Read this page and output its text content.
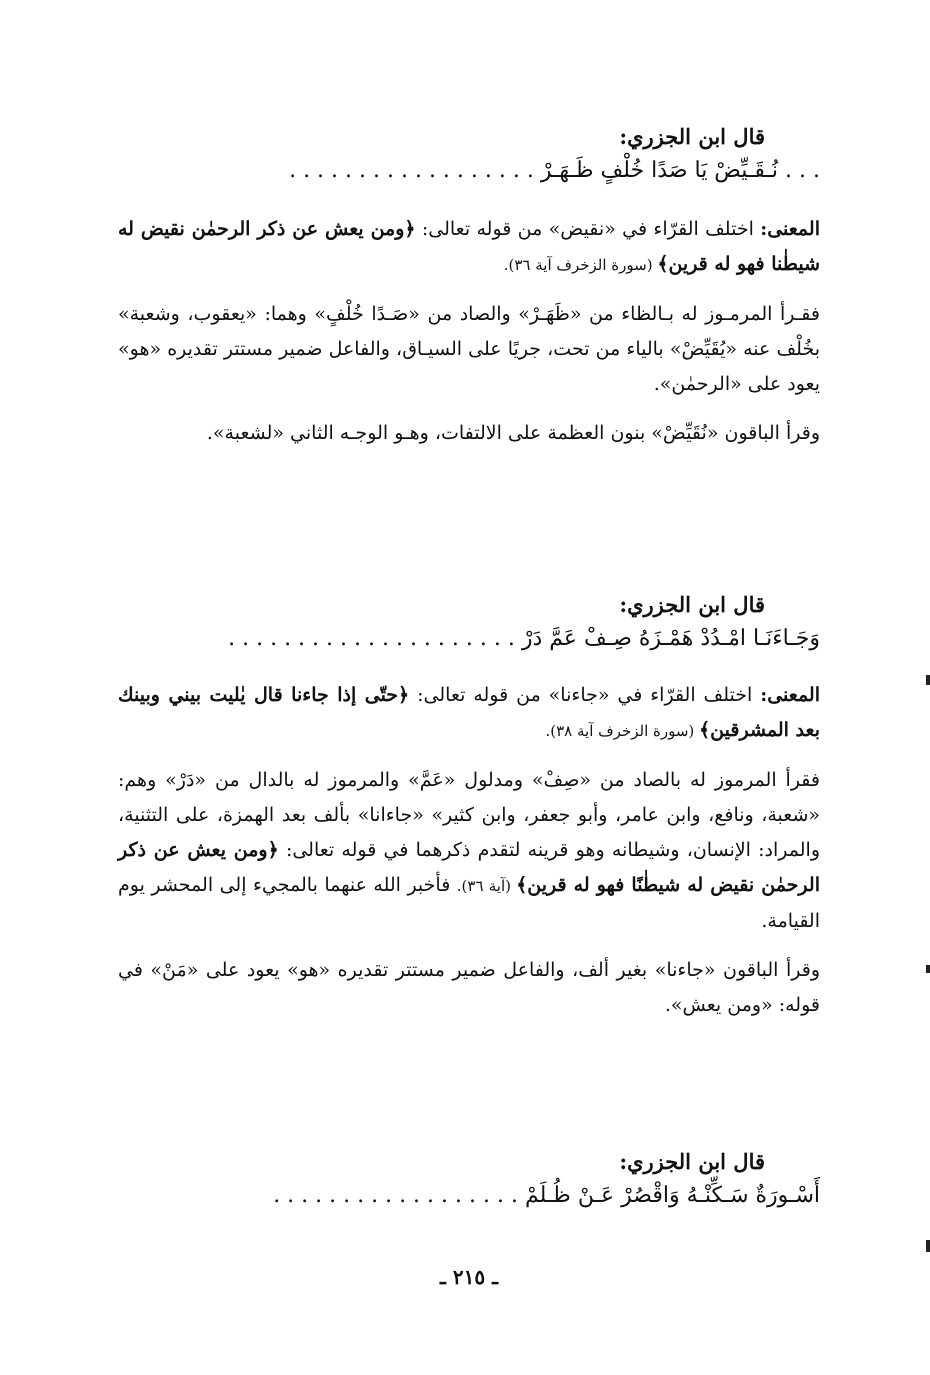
قال ابن الجزري:

. . . نُـقَـيِّضْ يَا صَدًا خُلْفٍ ظَـهَـرْ . . . . . . . . . . . . . . . . . .

المعنى: اختلف القرّاء في «نقيض» من قوله تعالى: ﴿ومن يعش عن ذكر الرحمٰن نقيض له شيطٰنا فهو له قرين﴾ (سورة الزخرف آية ٣٦).

فقـرأ المرمـوز له بـالظاء من «ظَهَـرْ» والصاد من «صَـدًا خُلْفٍ» وهما: «يعقوب، وشعبة» بخُلْف عنه «يُقَيِّضْ» بالياء من تحت، جريًا على السيـاق، والفاعل ضمير مستتر تقديره «هو» يعود على «الرحمٰن».

وقرأ الباقون «نُقَيِّضْ» بنون العظمة على الالتفات، وهـو الوجـه الثاني «لشعبة».

قال ابن الجزري:

وَجَـاءَنَـا امْـدُدْ هَمْـزَهُ صِـفْ عَمَّ دَرْ . . . . . . . . . . . . . . . . . . . . .

المعنى: اختلف القرّاء في «جاءنا» من قوله تعالى: ﴿حتّى إذا جاءنا قال يٰليت بيني وبينك بعد المشرقين﴾ (سورة الزخرف آية ٣٨).

فقرأ المرموز له بالصاد من «صِفْ» ومدلول «عَمَّ» والمرموز له بالدال من «دَرْ» وهم: «شعبة، ونافع، وابن عامر، وأبو جعفر، وابن كثير» «جاءانا» بألف بعد الهمزة، على التثنية، والمراد: الإنسان، وشيطانه وهو قرينه لتقدم ذكرهما في قوله تعالى: ﴿ومن يعش عن ذكر الرحمٰن نقيض له شيطٰنًا فهو له قرين﴾ (آية ٣٦). فأخبر الله عنهما بالمجيء إلى المحشر يوم القيامة.

وقرأ الباقون «جاءنا» بغير ألف، والفاعل ضمير مستتر تقديره «هو» يعود على «مَنْ» في قوله: «ومن يعش».

قال ابن الجزري:

أَسْـورَةٌ سَـكِّنْـهُ وَاقْصُرْ عَـنْ ظُـلَمْ . . . . . . . . . . . . . . . . . .

ـ ٢١٥ ـ
